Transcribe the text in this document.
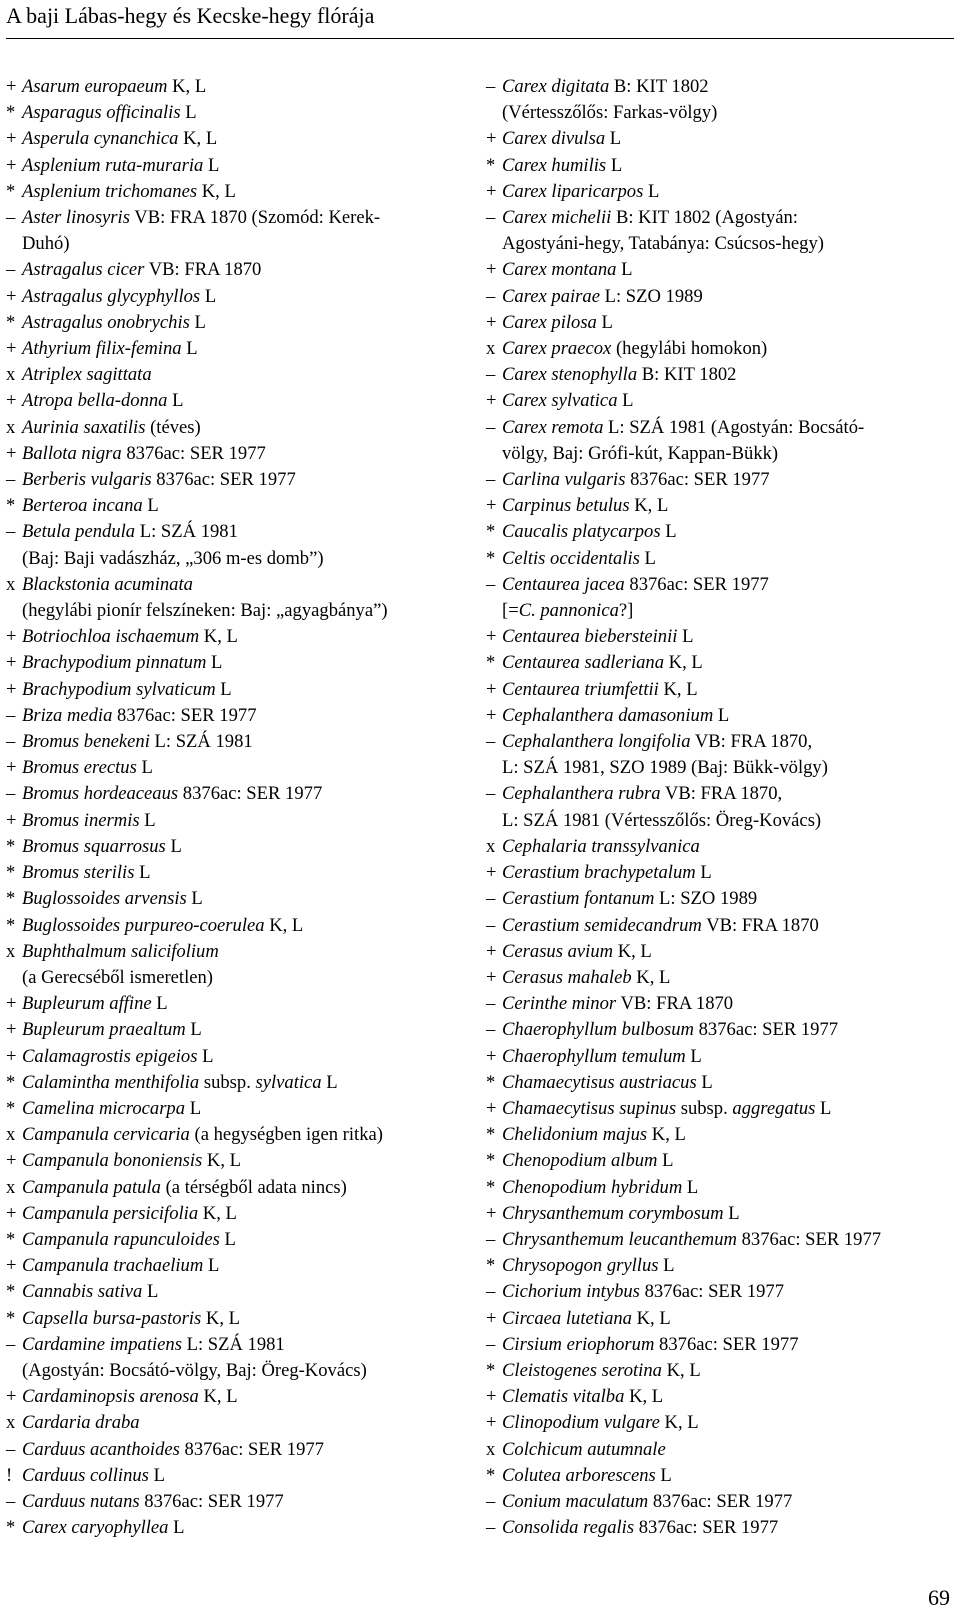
A baji Lábas-hegy és Kecske-hegy flórája
+ Asarum europaeum K, L
* Asparagus officinalis L
+ Asperula cynanchica K, L
+ Asplenium ruta-muraria L
* Asplenium trichomanes K, L
– Aster linosyris VB: FRA 1870 (Szomód: Kerek-
Duhó)
– Astragalus cicer VB: FRA 1870
+ Astragalus glycyphyllos L
* Astragalus onobrychis L
+ Athyrium filix-femina L
x Atriplex sagittata
+ Atropa bella-donna L
x Aurinia saxatilis (téves)
+ Ballota nigra 8376ac: SER 1977
– Berberis vulgaris 8376ac: SER 1977
* Berteroa incana L
– Betula pendula L: SZÁ 1981
(Baj: Baji vadászház, „306 m-es domb”)
x Blackstonia acuminata
(hegylábi pionír felszíneken: Baj: „agyagbánya”)
+ Botriochloa ischaemum K, L
+ Brachypodium pinnatum L
+ Brachypodium sylvaticum L
– Briza media 8376ac: SER 1977
– Bromus benekeni L: SZÁ 1981
+ Bromus erectus L
– Bromus hordeaceaus 8376ac: SER 1977
+ Bromus inermis L
* Bromus squarrosus L
* Bromus sterilis L
* Buglossoides arvensis L
* Buglossoides purpureo-coerulea K, L
x Buphthalmum salicifolium
(a Gerecséből ismeretlen)
+ Bupleurum affine L
+ Bupleurum praealtum L
+ Calamagrostis epigeios L
* Calamintha menthifolia subsp. sylvatica L
* Camelina microcarpa L
x Campanula cervicaria (a hegységben igen ritka)
+ Campanula bononiensis K, L
x Campanula patula (a térségből adata nincs)
+ Campanula persicifolia K, L
* Campanula rapunculoides L
+ Campanula trachaelium L
* Cannabis sativa L
* Capsella bursa-pastoris K, L
– Cardamine impatiens L: SZÁ 1981
(Agostyán: Bocsátó-völgy, Baj: Öreg-Kovács)
+ Cardaminopsis arenosa K, L
x Cardaria draba
– Carduus acanthoides 8376ac: SER 1977
! Carduus collinus L
– Carduus nutans 8376ac: SER 1977
* Carex caryophyllea L
– Carex digitata B: KIT 1802
(Vértesszőlős: Farkas-völgy)
+ Carex divulsa L
* Carex humilis L
+ Carex liparicarpos L
– Carex michelii B: KIT 1802 (Agostyán:
Agostyáni-hegy, Tatabánya: Csúcsos-hegy)
+ Carex montana L
– Carex pairae L: SZO 1989
+ Carex pilosa L
x Carex praecox (hegylábi homokon)
– Carex stenophylla B: KIT 1802
+ Carex sylvatica L
– Carex remota L: SZÁ 1981 (Agostyán: Bocsátó-
völgy, Baj: Grófi-kút, Kappan-Bükk)
– Carlina vulgaris 8376ac: SER 1977
+ Carpinus betulus K, L
* Caucalis platycarpos L
* Celtis occidentalis L
– Centaurea jacea 8376ac: SER 1977
[=C. pannonica?]
+ Centaurea biebersteinii L
* Centaurea sadleriana K, L
+ Centaurea triumfettii K, L
+ Cephalanthera damasonium L
– Cephalanthera longifolia VB: FRA 1870,
L: SZÁ 1981, SZO 1989 (Baj: Bükk-völgy)
– Cephalanthera rubra VB: FRA 1870,
L: SZÁ 1981 (Vértesszőlős: Öreg-Kovács)
x Cephalaria transsylvanica
+ Cerastium brachypetalum L
– Cerastium fontanum L: SZO 1989
– Cerastium semidecandrum VB: FRA 1870
+ Cerasus avium K, L
+ Cerasus mahaleb K, L
– Cerinthe minor VB: FRA 1870
– Chaerophyllum bulbosum 8376ac: SER 1977
+ Chaerophyllum temulum L
* Chamaecytisus austriacus L
+ Chamaecytisus supinus subsp. aggregatus L
* Chelidonium majus K, L
* Chenopodium album L
* Chenopodium hybridum L
+ Chrysanthemum corymbosum L
– Chrysanthemum leucanthemum 8376ac: SER 1977
* Chrysopogon gryllus L
– Cichorium intybus 8376ac: SER 1977
+ Circaea lutetiana K, L
– Cirsium eriophorum 8376ac: SER 1977
* Cleistogenes serotina K, L
+ Clematis vitalba K, L
+ Clinopodium vulgare K, L
x Colchicum autumnale
* Colutea arborescens L
– Conium maculatum 8376ac: SER 1977
– Consolida regalis 8376ac: SER 1977
69
